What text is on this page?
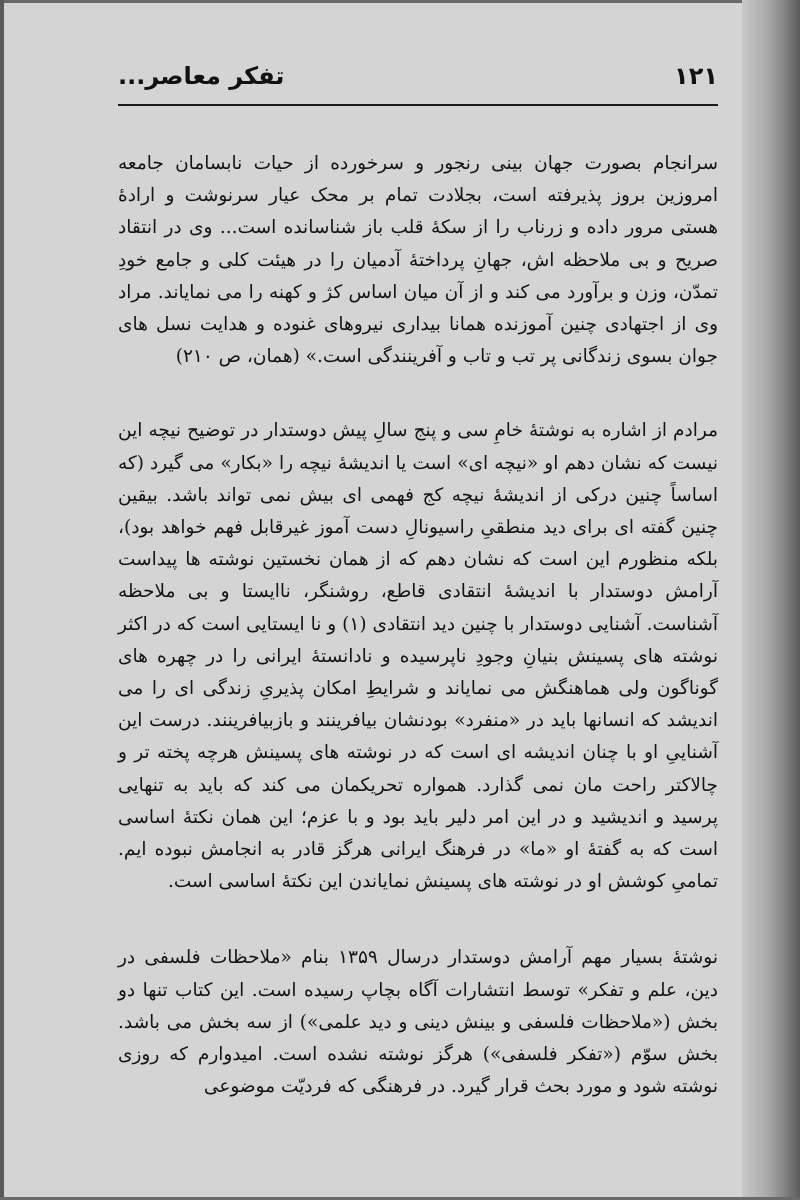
۱۲۱
تفکر معاصر...

سرانجام بصورت جهان بینی رنجور و سرخورده از حیات نابسامان جامعه امروزین بروز پذیرفته است، بجلادت تمام بر محک عیار سرنوشت و ارادهٔ هستی مرور داده و زرناب را از سکهٔ قلب باز شناسانده است... وی در انتقاد صریح و بی ملاحظه اش، جهانِ پرداختهٔ آدمیان را در هیئت کلی و جامع خودِ تمدّن، وزن و برآورد می کند و از آن میان اساس کژ و کهنه را می نمایاند. مراد وی از اجتهادی چنین آموزنده همانا بیداری نیروهای غنوده و هدایت نسل های جوان بسوی زندگانی پر تب و تاب و آفرینندگی است.» (همان، ص ۲۱۰)

مرادم از اشاره به نوشتهٔ خامِ سی و پنج سالِ پیش دوستدار در توضیح نیچه این نیست که نشان دهم او «نیچه ای» است یا اندیشهٔ نیچه را «بکار» می گیرد (که اساساً چنین درکی از اندیشهٔ نیچه کج فهمی ای بیش نمی تواند باشد. بیقین چنین گفته ای برای دید منطقیِ راسیونالِ دست آموز غیرقابل فهم خواهد بود)، بلکه منظورم این است که نشان دهم که از همان نخستین نوشته ها پیداست آرامش دوستدار با اندیشهٔ انتقادی قاطع، روشنگر، ناایستا و بی ملاحظه آشناست. آشنایی دوستدار با چنین دید انتقادی (۱) و نا ایستایی است که در اکثر نوشته های پسینش بنیانِ وجودِ ناپرسیده و نادانستهٔ ایرانی را در چهره های گوناگون ولی هماهنگش می نمایاند و شرایطِ امکان پذیریِ زندگی ای را می اندیشد که انسانها باید در «منفرد» بودنشان بیافرینند و بازبیافرینند. درست این آشناییِ او با چنان اندیشه ای است که در نوشته های پسینش هرچه پخته تر و چالاکتر راحت مان نمی گذارد. همواره تحریکمان می کند که باید به تنهایی پرسید و اندیشید و در این امر دلیر باید بود و با عزم؛ این همان نکتهٔ اساسی است که به گفتهٔ او «ما» در فرهنگ ایرانی هرگز قادر به انجامش نبوده ایم. تمامیِ کوشش او در نوشته های پسینش نمایاندن این نکتهٔ اساسی است.

نوشتهٔ بسیار مهم آرامش دوستدار درسال ۱۳۵۹ بنام «ملاحظات فلسفی در دین، علم و تفکر» توسط انتشارات آگاه بچاپ رسیده است. این کتاب تنها دو بخش («ملاحظات فلسفی و بینش دینی و دید علمی») از سه بخش می باشد. بخش سوّم («تفکر فلسفی») هرگز نوشته نشده است. امیدوارم که روزی نوشته شود و مورد بحث قرار گیرد. در فرهنگی که فردیّت موضوعی
